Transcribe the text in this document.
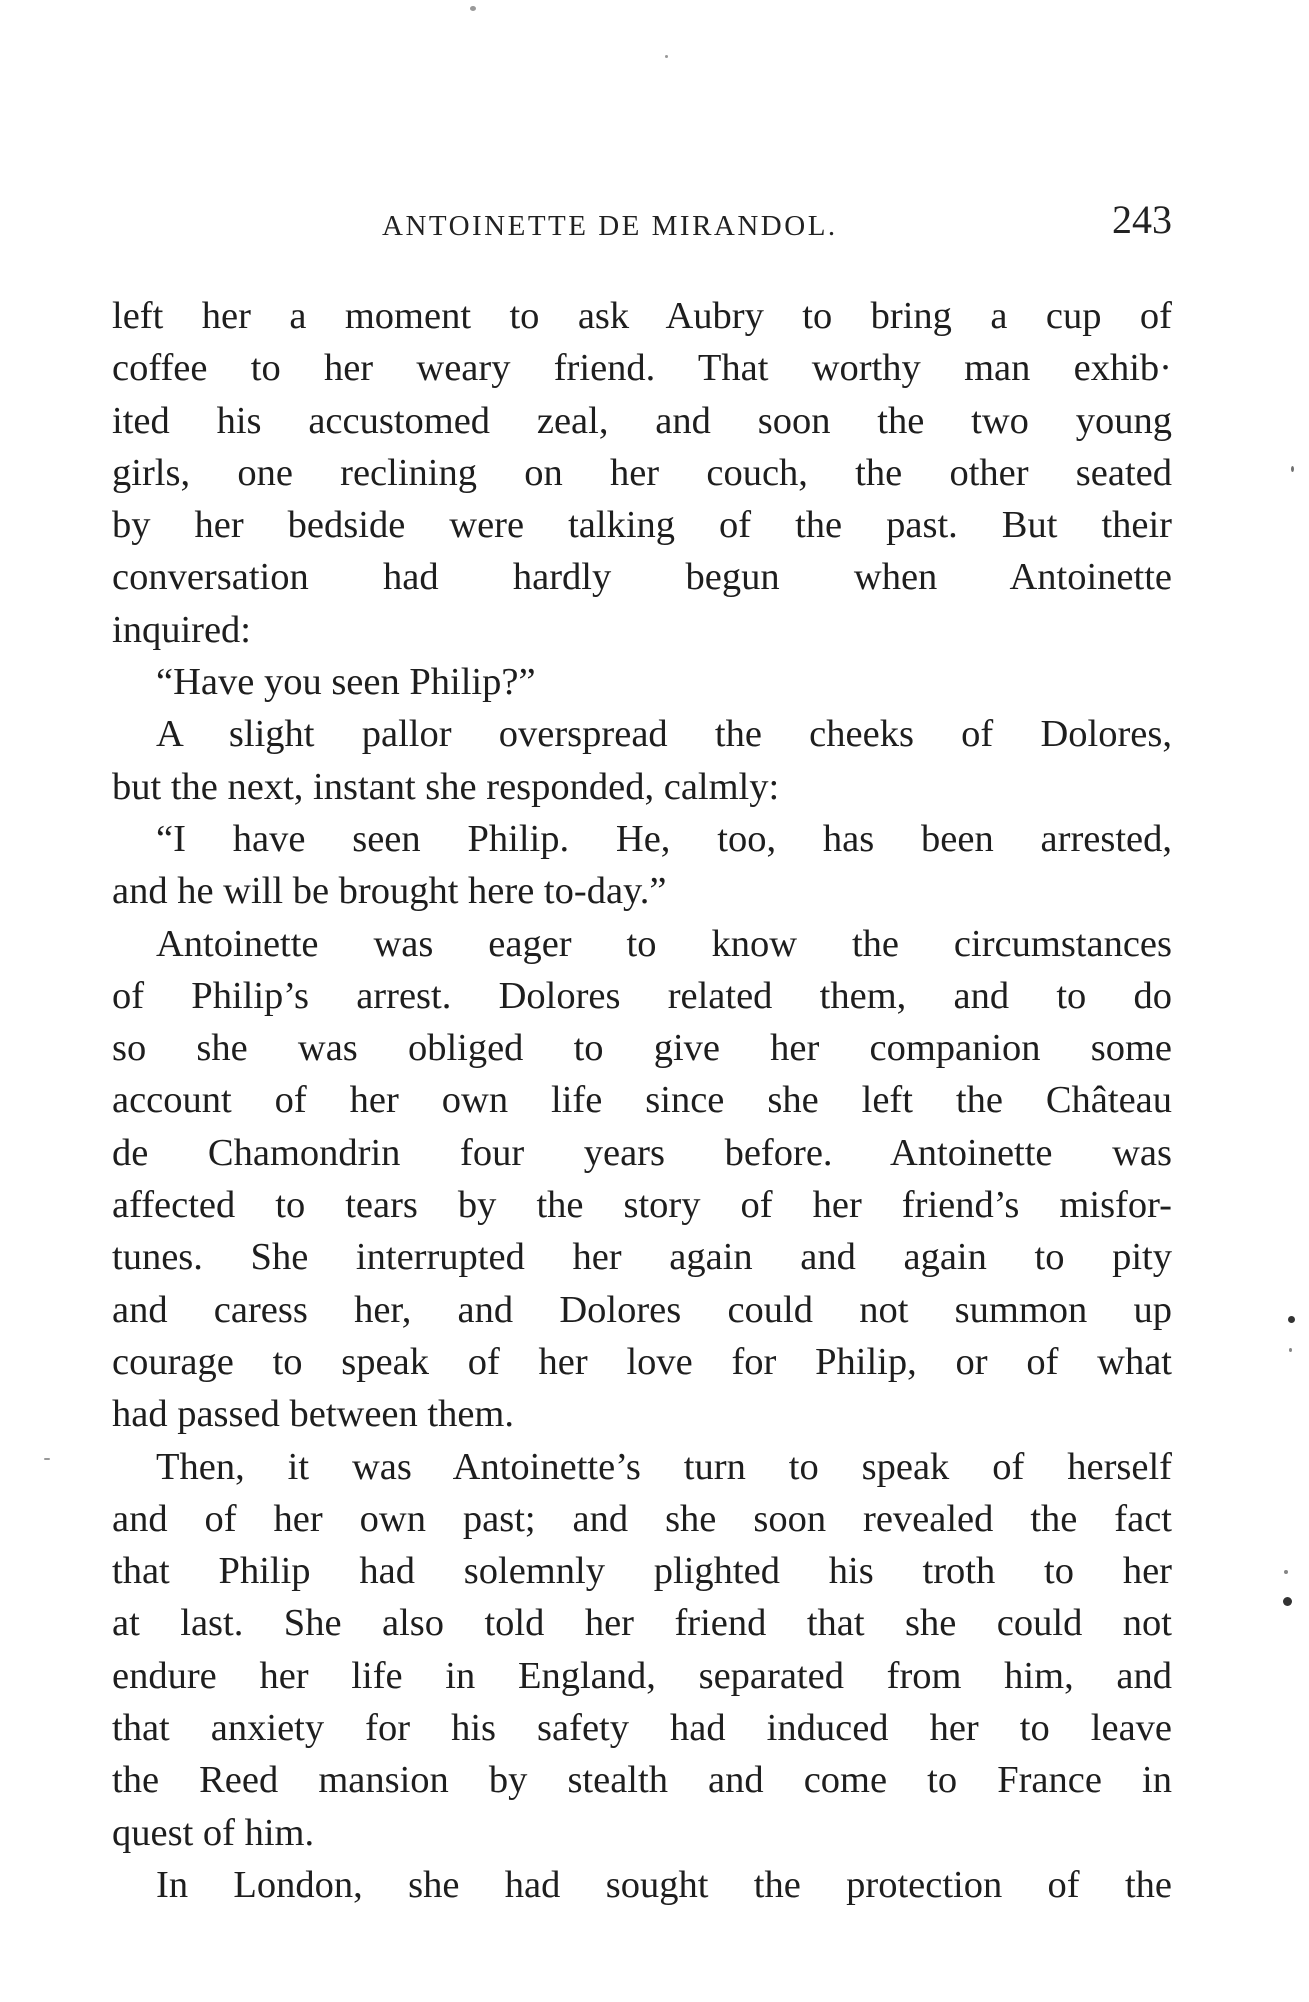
ANTOINETTE DE MIRANDOL.	243
left her a moment to ask Aubry to bring a cup of
coffee to her weary friend. That worthy man exhib·
ited his accustomed zeal, and soon the two young
girls, one reclining on her couch, the other seated
by her bedside were talking of the past. But their
conversation had hardly begun when Antoinette
inquired:
“Have you seen Philip?”
A slight pallor overspread the cheeks of Dolores,
but the next, instant she responded, calmly:
“I have seen Philip. He, too, has been arrested,
and he will be brought here to-day.”
Antoinette was eager to know the circumstances
of Philip’s arrest. Dolores related them, and to do
so she was obliged to give her companion some
account of her own life since she left the Château
de Chamondrin four years before. Antoinette was
affected to tears by the story of her friend’s misfor-
tunes. She interrupted her again and again to pity
and caress her, and Dolores could not summon up
courage to speak of her love for Philip, or of what
had passed between them.
Then, it was Antoinette’s turn to speak of herself
and of her own past; and she soon revealed the fact
that Philip had solemnly plighted his troth to her
at last. She also told her friend that she could not
endure her life in England, separated from him, and
that anxiety for his safety had induced her to leave
the Reed mansion by stealth and come to France in
quest of him.
In London, she had sought the protection of the
